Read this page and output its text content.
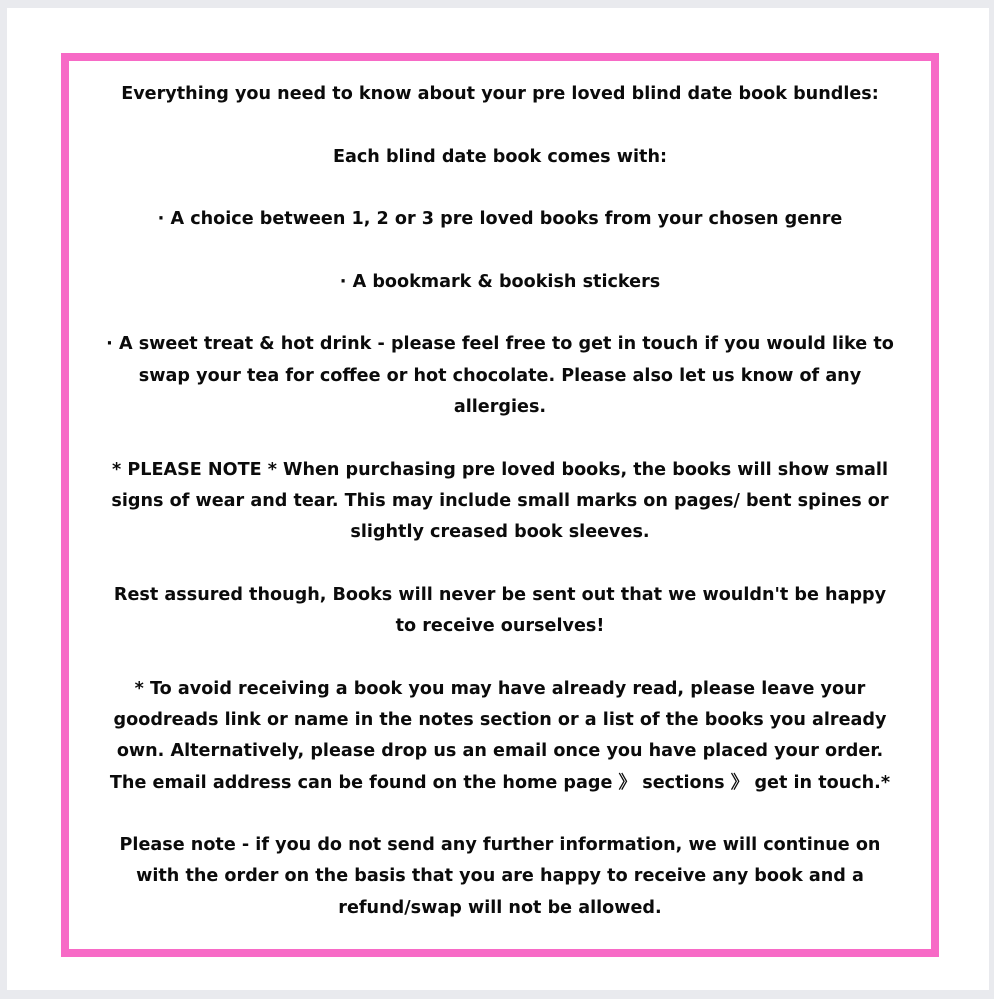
Everything you need to know about your pre loved blind date book bundles:

Each blind date book comes with:

· A choice between 1, 2 or 3 pre loved books from your chosen genre

· A bookmark & bookish stickers

· A sweet treat & hot drink - please feel free to get in touch if you would like to
swap your tea for coffee or hot chocolate. Please also let us know of any
allergies.

* PLEASE NOTE * When purchasing pre loved books, the books will show small
signs of wear and tear. This may include small marks on pages/ bent spines or
slightly creased book sleeves.

Rest assured though, Books will never be sent out that we wouldn't be happy
to receive ourselves!

* To avoid receiving a book you may have already read, please leave your
goodreads link or name in the notes section or a list of the books you already
own. Alternatively, please drop us an email once you have placed your order.
The email address can be found on the home page 》 sections 》 get in touch.*

Please note - if you do not send any further information, we will continue on
with the order on the basis that you are happy to receive any book and a
refund/swap will not be allowed.
